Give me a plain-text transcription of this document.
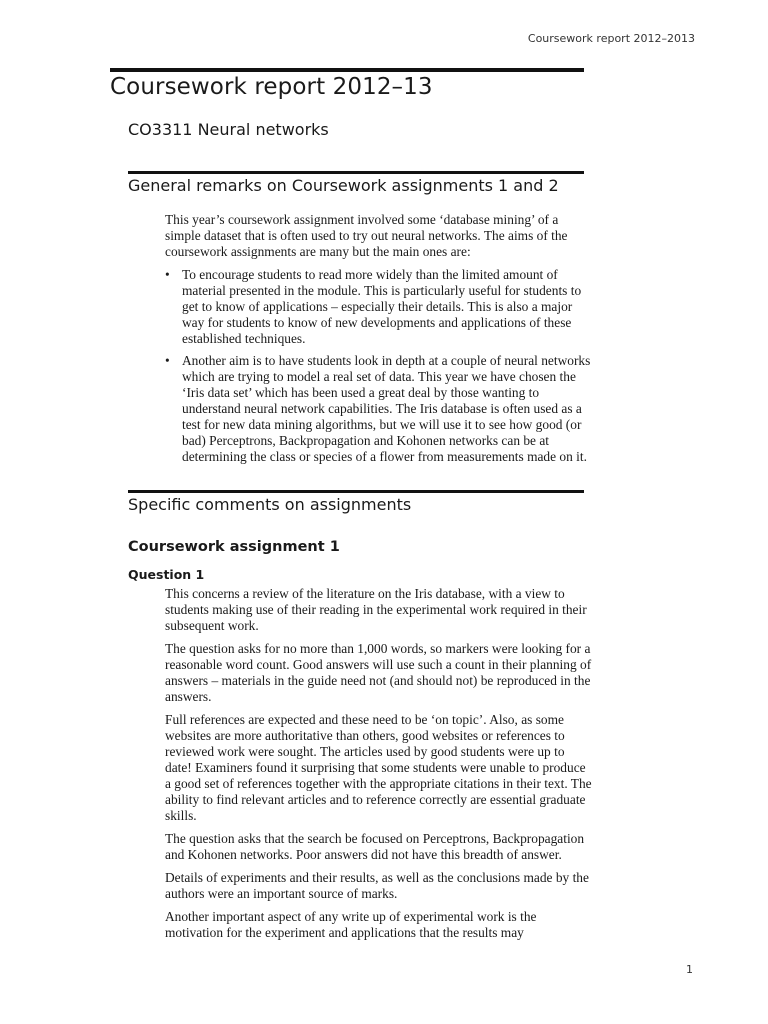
Coursework report 2012–2013
Coursework report 2012–13
CO3311 Neural networks
General remarks on Coursework assignments 1 and 2

This year’s coursework assignment involved some ‘database mining’ of a simple dataset that is often used to try out neural networks. The aims of the coursework assignments are many but the main ones are:

• To encourage students to read more widely than the limited amount of material presented in the module. This is particularly useful for students to get to know of applications – especially their details. This is also a major way for students to know of new developments and applications of these established techniques.
• Another aim is to have students look in depth at a couple of neural networks which are trying to model a real set of data. This year we have chosen the ‘Iris data set’ which has been used a great deal by those wanting to understand neural network capabilities. The Iris database is often used as a test for new data mining algorithms, but we will use it to see how good (or bad) Perceptrons, Backpropagation and Kohonen networks can be at determining the class or species of a flower from measurements made on it.
Specific comments on assignments
Coursework assignment 1
Question 1

This concerns a review of the literature on the Iris database, with a view to students making use of their reading in the experimental work required in their subsequent work.

The question asks for no more than 1,000 words, so markers were looking for a reasonable word count. Good answers will use such a count in their planning of answers – materials in the guide need not (and should not) be reproduced in the answers.

Full references are expected and these need to be ‘on topic’. Also, as some websites are more authoritative than others, good websites or references to reviewed work were sought. The articles used by good students were up to date! Examiners found it surprising that some students were unable to produce a good set of references together with the appropriate citations in their text. The ability to find relevant articles and to reference correctly are essential graduate skills.

The question asks that the search be focused on Perceptrons, Backpropagation and Kohonen networks. Poor answers did not have this breadth of answer.

Details of experiments and their results, as well as the conclusions made by the authors were an important source of marks.

Another important aspect of any write up of experimental work is the motivation for the experiment and applications that the results may

1
